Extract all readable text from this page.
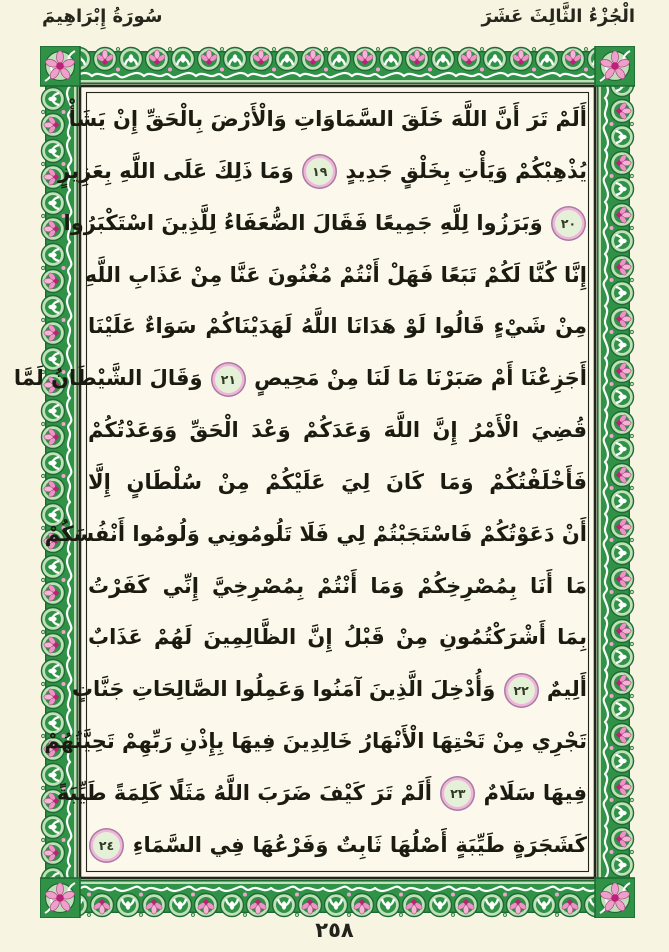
الْجُزْءُ الثَّالِثَ عَشَرَ
سُورَةُ إِبْرَاهِيمَ
أَلَمْ تَرَ أَنَّ اللَّهَ خَلَقَ السَّمَاوَاتِ وَالْأَرْضَ بِالْحَقِّ إِنْ يَشَأْ
يُذْهِبْكُمْ وَيَأْتِ بِخَلْقٍ جَدِيدٍ ١٩ وَمَا ذَلِكَ عَلَى اللَّهِ بِعَزِيزٍ
٢٠ وَبَرَزُوا لِلَّهِ جَمِيعًا فَقَالَ الضُّعَفَاءُ لِلَّذِينَ اسْتَكْبَرُوا
إِنَّا كُنَّا لَكُمْ تَبَعًا فَهَلْ أَنْتُمْ مُغْنُونَ عَنَّا مِنْ عَذَابِ اللَّهِ
مِنْ شَيْءٍ قَالُوا لَوْ هَدَانَا اللَّهُ لَهَدَيْنَاكُمْ سَوَاءٌ عَلَيْنَا
أَجَزِعْنَا أَمْ صَبَرْنَا مَا لَنَا مِنْ مَحِيصٍ ٢١ وَقَالَ الشَّيْطَانُ لَمَّا
قُضِيَ الْأَمْرُ إِنَّ اللَّهَ وَعَدَكُمْ وَعْدَ الْحَقِّ وَوَعَدْتُكُمْ
فَأَخْلَفْتُكُمْ وَمَا كَانَ لِيَ عَلَيْكُمْ مِنْ سُلْطَانٍ إِلَّا
أَنْ دَعَوْتُكُمْ فَاسْتَجَبْتُمْ لِي فَلَا تَلُومُونِي وَلُومُوا أَنْفُسَكُمْ
مَا أَنَا بِمُصْرِخِكُمْ وَمَا أَنْتُمْ بِمُصْرِخِيَّ إِنِّي كَفَرْتُ
بِمَا أَشْرَكْتُمُونِ مِنْ قَبْلُ إِنَّ الظَّالِمِينَ لَهُمْ عَذَابٌ
أَلِيمٌ ٢٢ وَأُدْخِلَ الَّذِينَ آمَنُوا وَعَمِلُوا الصَّالِحَاتِ جَنَّاتٍ
تَجْرِي مِنْ تَحْتِهَا الْأَنْهَارُ خَالِدِينَ فِيهَا بِإِذْنِ رَبِّهِمْ تَحِيَّتُهُمْ
فِيهَا سَلَامٌ ٢٣ أَلَمْ تَرَ كَيْفَ ضَرَبَ اللَّهُ مَثَلًا كَلِمَةً طَيِّبَةً
كَشَجَرَةٍ طَيِّبَةٍ أَصْلُهَا ثَابِتٌ وَفَرْعُهَا فِي السَّمَاءِ ٢٤
٢٥٨
